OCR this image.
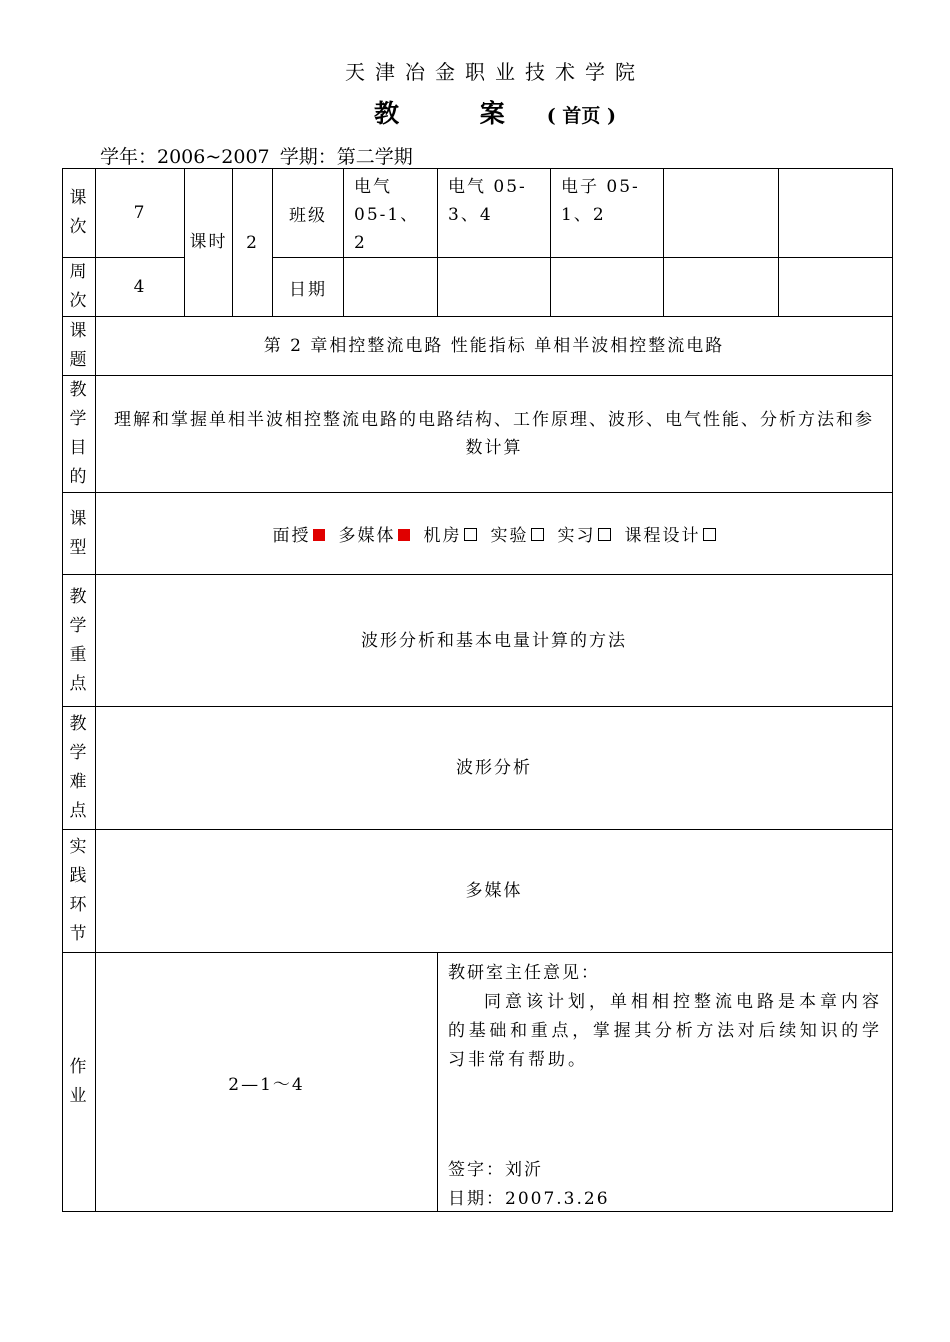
天津冶金职业技术学院
教 案 ( 首页 )
学年：2006~2007 学期：第二学期
课次	7	课时	2	班级	电气 05-1、2	电气 05-3、4	电子 05-1、2		
周次	4			日期					
课题	第 2 章相控整流电路 性能指标 单相半波相控整流电路								
教学目的	理解和掌握单相半波相控整流电路的电路结构、工作原理、波形、电气性能、分析方法和参数计算								
课型	面授 多媒体 机房 实验 实习 课程设计								
教学重点	波形分析和基本电量计算的方法								
教学难点	波形分析								
实践环节	多媒体								
作业	2—1～4					教研室主任意见：
同意该计划，单相相控整流电路是本章内容的基础和重点，掌握其分析方法对后续知识的学习非常有帮助。
签字：刘沂
日期：2007.3.26			
